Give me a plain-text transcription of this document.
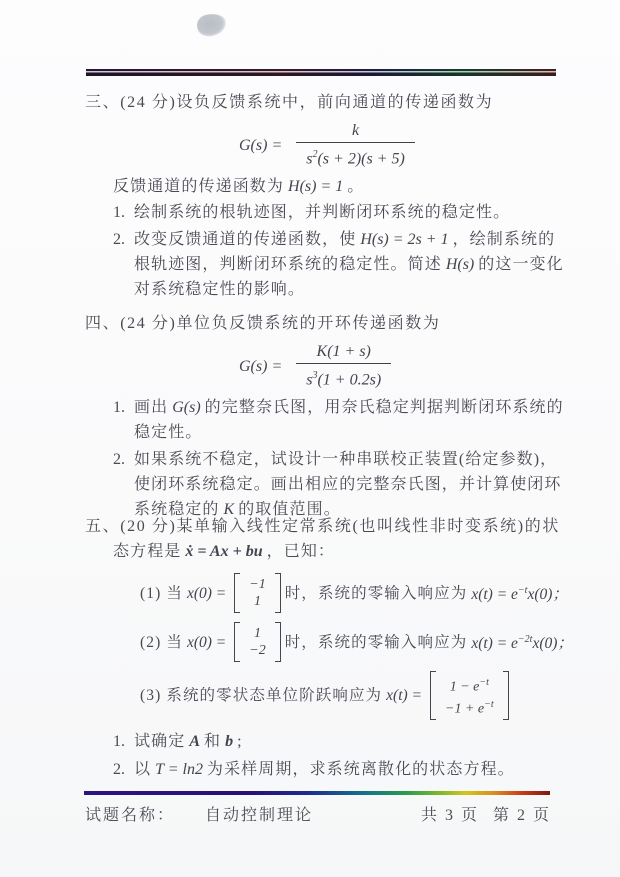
三、(24 分)设负反馈系统中，前向通道的传递函数为
$G(s) = \frac{k}{s^2(s + 2)(s + 5)}$
反馈通道的传递函数为 H(s) = 1 。
1. 绘制系统的根轨迹图，并判断闭环系统的稳定性。
2. 改变反馈通道的传递函数，使 H(s) = 2s + 1 ，绘制系统的根轨迹图，判断闭环系统的稳定性。简述 H(s) 的这一变化对系统稳定性的影响。
四、(24 分)单位负反馈系统的开环传递函数为
$G(s) = \frac{K(1 + s)}{s^3(1 + 0.2s)}$
1. 画出 G(s) 的完整奈氏图，用奈氏稳定判据判断闭环系统的稳定性。
2. 如果系统不稳定，试设计一种串联校正装置(给定参数)，使闭环系统稳定。画出相应的完整奈氏图，并计算使闭环系统稳定的 K 的取值范围。
五、(20 分)某单输入线性定常系统(也叫线性非时变系统)的状
态方程是 ẋ = Ax + bu ，已知：
(1) 当 x(0) = −1
1	时，系统的零输入响应为 $x(t) = e^{-t}x(0)$；
(2) 当 x(0) =	1
−2 时，系统的零输入响应为 $x(t) = e^{-2t}x(0)$；
(3) 系统的零状态单位阶跃响应为 x(t) =	$1 - e^{-t}$
$-1 + e^{-t}$
1. 试确定 A 和 b ;
2. 以 T = ln2 为采样周期，求系统离散化的状态方程。
试题名称： 自动控制理论	共 3 页 第 2 页
